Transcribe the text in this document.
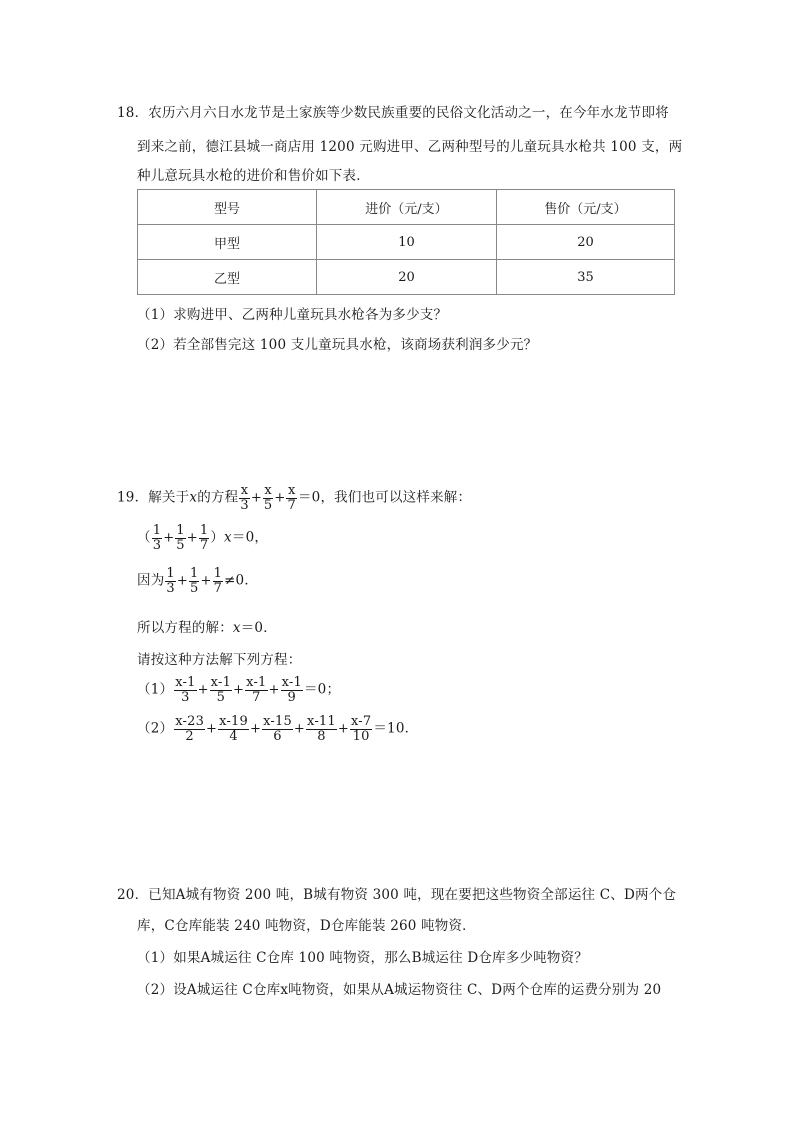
18．农历六月六日水龙节是土家族等少数民族重要的民俗文化活动之一，在今年水龙节即将
到来之前，德江县城一商店用 1200 元购进甲、乙两种型号的儿童玩具水枪共 100 支，两
种儿意玩具水枪的进价和售价如下表．
型号	进价（元/支）	售价（元/支）
甲型	10	20
乙型	20	35
（1）求购进甲、乙两种儿童玩具水枪各为多少支？
（2）若全部售完这 100 支儿童玩具水枪，该商场获利润多少元？
19．解关于x的方程 $\frac{x}{3} + \frac{x}{5} + \frac{x}{7} =0$，我们也可以这样来解：
（ $\frac{1}{3} + \frac{1}{5} + \frac{1}{7} )x=0$，
因为 $\frac{1}{3} + \frac{1}{5} + \frac{1}{7} \ne 0$．
所以方程的解：x＝0．
请按这种方法解下列方程：
$(1) \frac{x-1}{3} + \frac{x-1}{5} + \frac{x-1}{7} + \frac{x-1}{9} =0$；
$(2) \frac{x-23}{2} + \frac{x-19}{4} + \frac{x-15}{6} + \frac{x-11}{8} + \frac{x-7}{10} =10$．
20．已知A城有物资 200 吨，B城有物资 300 吨，现在要把这些物资全部运往 C、D两个仓
库，C仓库能装 240 吨物资，D仓库能装 260 吨物资．
（1）如果A城运往 C仓库 100 吨物资，那么B城运往 D仓库多少吨物资？
（2）设A城运往 C仓库x吨物资，如果从A城运物资往 C、D两个仓库的运费分别为 20
